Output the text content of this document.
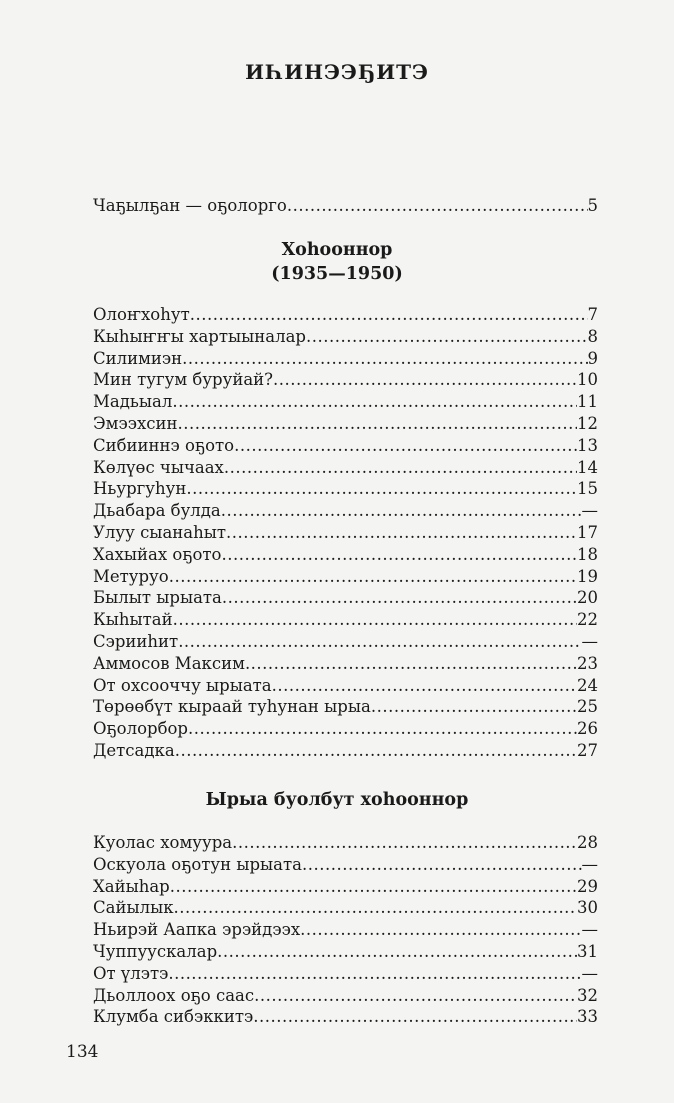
ИҺИНЭЭҔИТЭ
Чаҕылҕан — оҕолорго .....	5
Хоһооннор
(1935—1950)
Олоҥхоһут .....	7
Кыһыҥҥы хартыыналар .....	8
Силимиэн .....	9
Мин тугум буруйай? .....	10
Мадьыал .....	11
Эмээхсин .....	12
Сибииннэ оҕото .....	13
Көлүөс чычаах .....	14
Ньургуһун .....	15
Дьабара булда .....	—
Улуу сыанаһыт .....	17
Хахыйах оҕото .....	18
Метуруо .....	19
Былыт ырыата .....	20
Кыһытай .....	22
Сэрииһит .....	—
Аммосов Максим .....	23
От охсооччу ырыата .....	24
Төрөөбүт кыраай туһунан ырыа .....	25
Оҕолорбор .....	26
Детсадка .....	27
Ырыа буолбут хоһооннор
Куолас хомуура .....	28
Оскуола оҕотун ырыата .....	—
Хайыһар .....	29
Сайылык .....	30
Ньирэй Аапка эрэйдээх .....	—
Чуппуускалар .....	31
От үлэтэ .....	—
Дьоллоох оҕо саас .....	32
Клумба сибэккитэ .....	33
134
